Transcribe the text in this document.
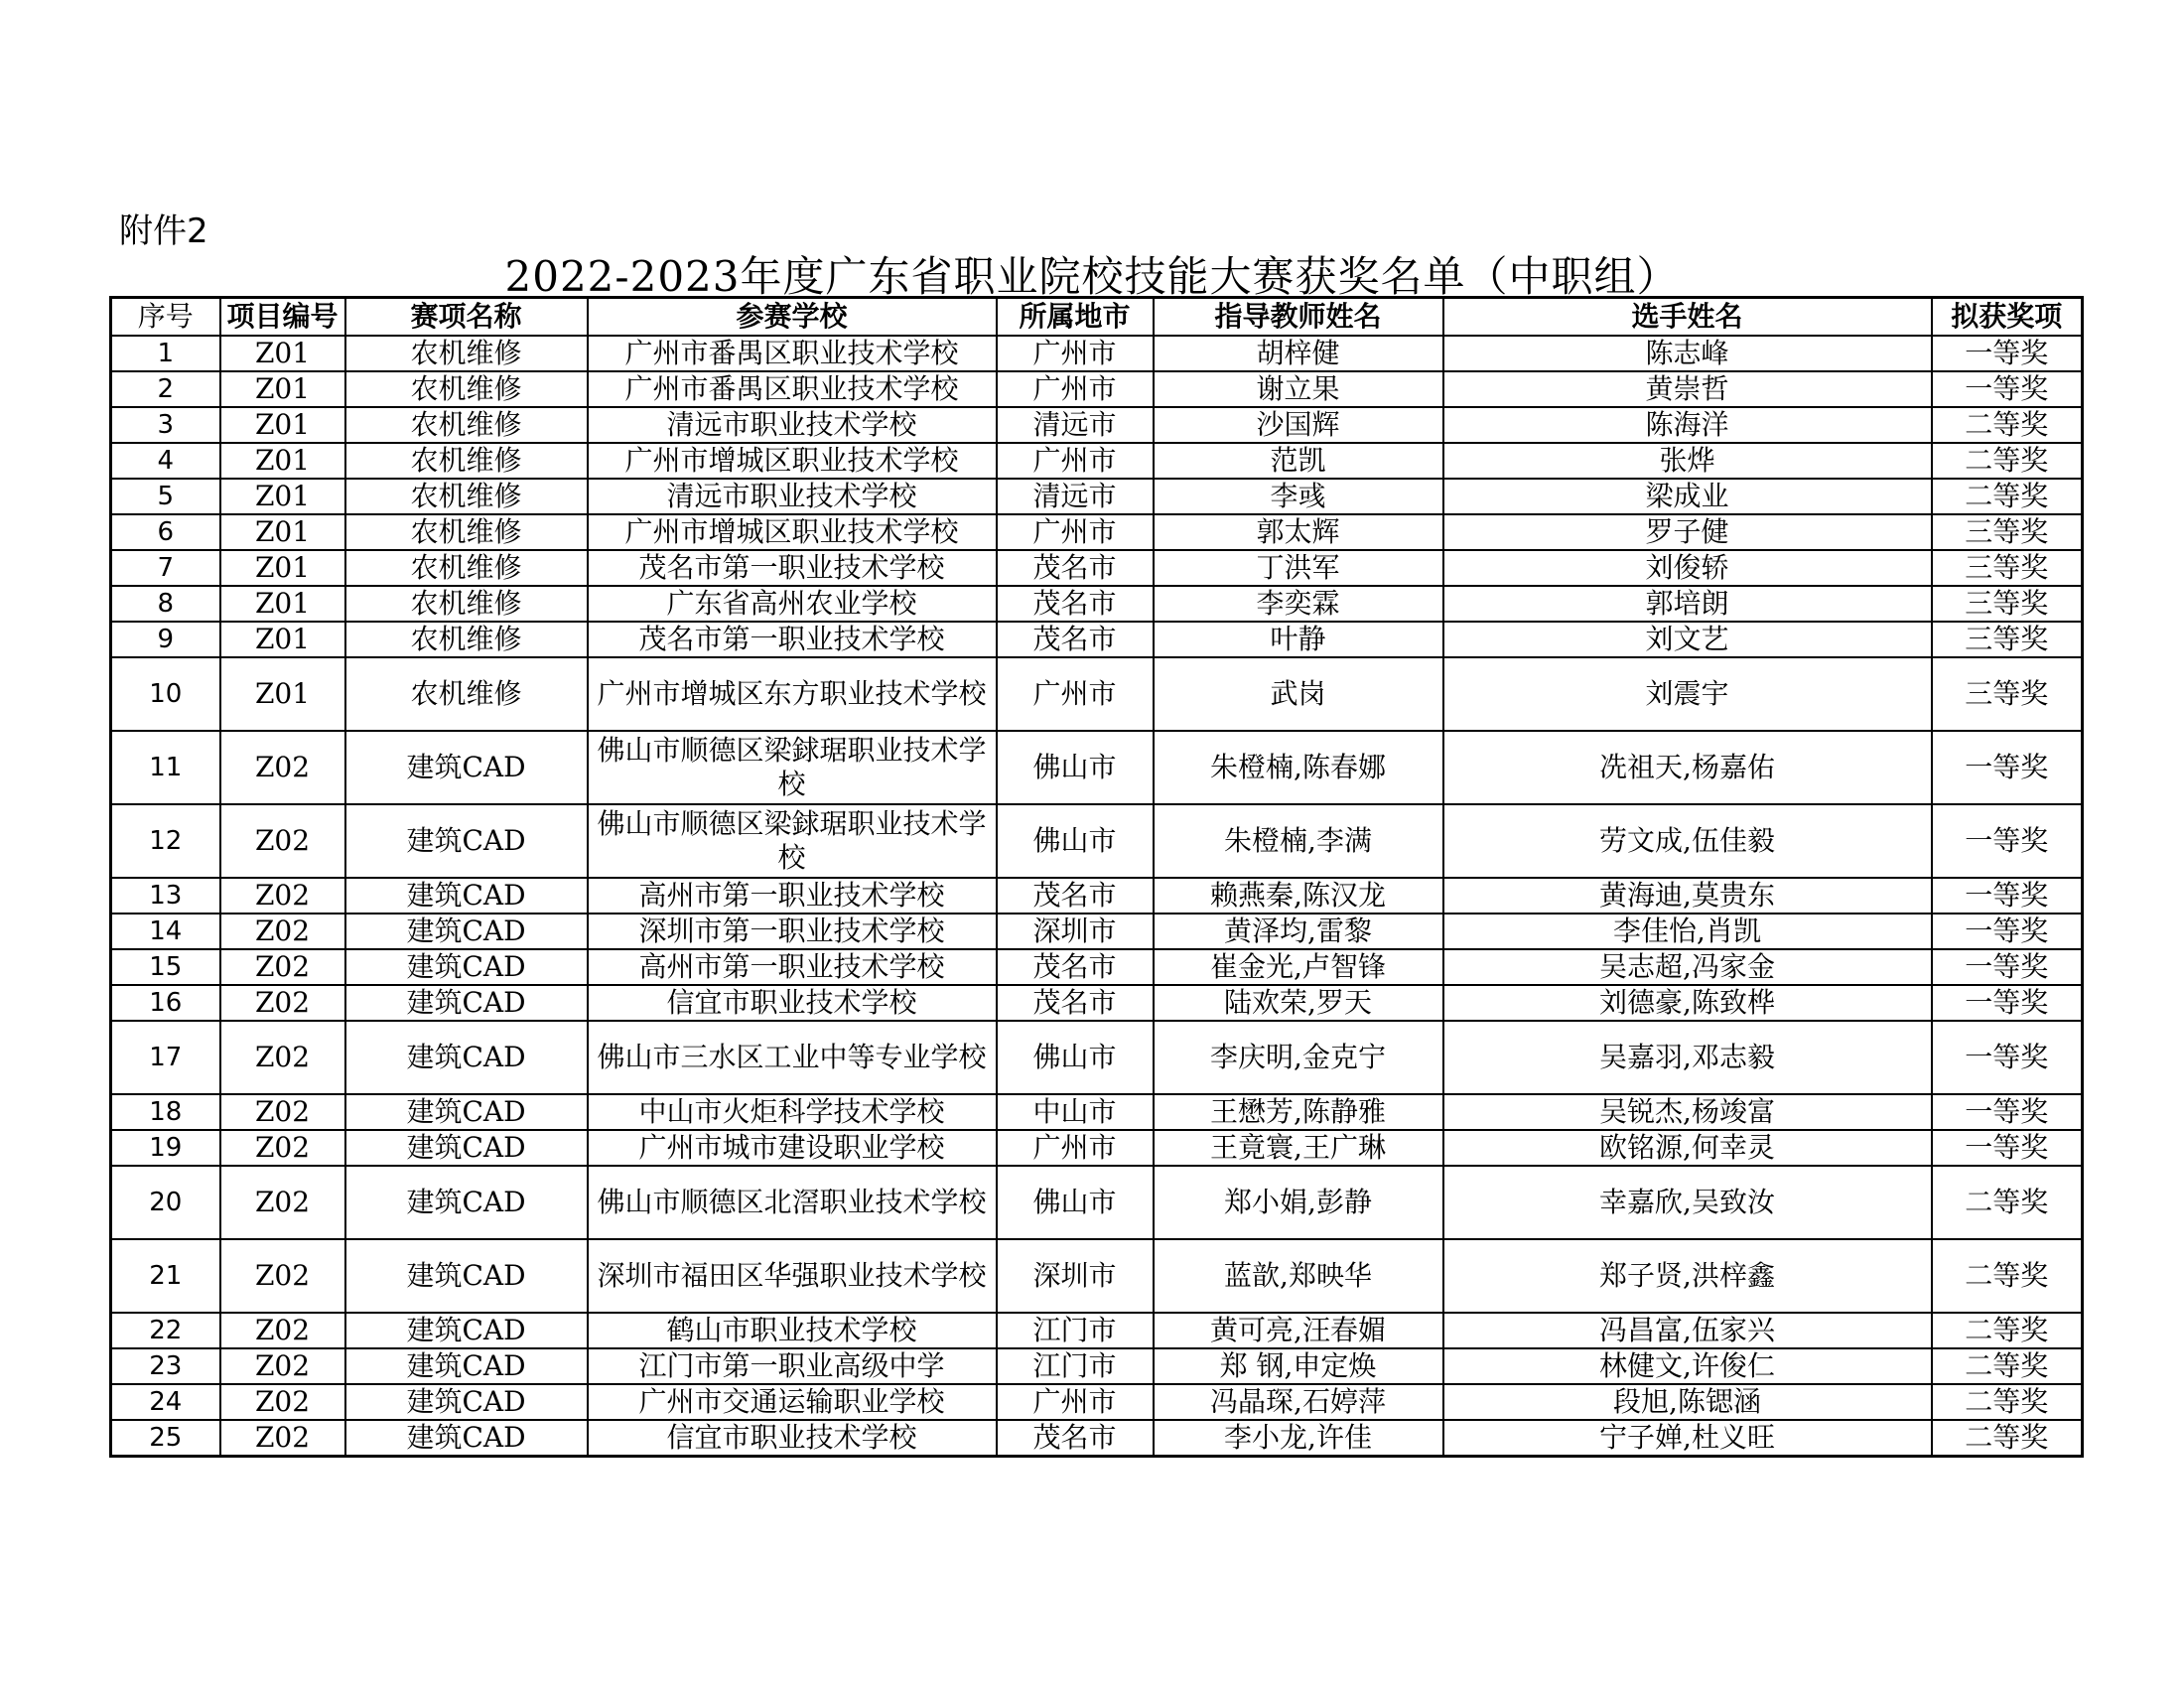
附件2
2022-2023年度广东省职业院校技能大赛获奖名单（中职组）
序号	项目编号	赛项名称	参赛学校	所属地市	指导教师姓名	选手姓名	拟获奖项
1	Z01	农机维修	广州市番禺区职业技术学校	广州市	胡梓健	陈志峰	一等奖
2	Z01	农机维修	广州市番禺区职业技术学校	广州市	谢立果	黄崇哲	一等奖
3	Z01	农机维修	清远市职业技术学校	清远市	沙国辉	陈海洋	二等奖
4	Z01	农机维修	广州市增城区职业技术学校	广州市	范凯	张烨	二等奖
5	Z01	农机维修	清远市职业技术学校	清远市	李彧	梁成业	二等奖
6	Z01	农机维修	广州市增城区职业技术学校	广州市	郭太辉	罗子健	三等奖
7	Z01	农机维修	茂名市第一职业技术学校	茂名市	丁洪军	刘俊轿	三等奖
8	Z01	农机维修	广东省高州农业学校	茂名市	李奕霖	郭培朗	三等奖
9	Z01	农机维修	茂名市第一职业技术学校	茂名市	叶静	刘文艺	三等奖
10	Z01	农机维修	广州市增城区东方职业技术学校	广州市	武岗	刘震宇	三等奖
11	Z02	建筑CAD	佛山市顺德区梁銶琚职业技术学校	佛山市	朱橙楠,陈春娜	冼祖天,杨嘉佑	一等奖
12	Z02	建筑CAD	佛山市顺德区梁銶琚职业技术学校	佛山市	朱橙楠,李满	劳文成,伍佳毅	一等奖
13	Z02	建筑CAD	高州市第一职业技术学校	茂名市	赖燕秦,陈汉龙	黄海迪,莫贵东	一等奖
14	Z02	建筑CAD	深圳市第一职业技术学校	深圳市	黄泽均,雷黎	李佳怡,肖凯	一等奖
15	Z02	建筑CAD	高州市第一职业技术学校	茂名市	崔金光,卢智锋	吴志超,冯家金	一等奖
16	Z02	建筑CAD	信宜市职业技术学校	茂名市	陆欢荣,罗天	刘德豪,陈致桦	一等奖
17	Z02	建筑CAD	佛山市三水区工业中等专业学校	佛山市	李庆明,金克宁	吴嘉羽,邓志毅	一等奖
18	Z02	建筑CAD	中山市火炬科学技术学校	中山市	王懋芳,陈静雅	吴锐杰,杨竣富	一等奖
19	Z02	建筑CAD	广州市城市建设职业学校	广州市	王竟寰,王广琳	欧铭源,何幸灵	一等奖
20	Z02	建筑CAD	佛山市顺德区北滘职业技术学校	佛山市	郑小娟,彭静	幸嘉欣,吴致汝	二等奖
21	Z02	建筑CAD	深圳市福田区华强职业技术学校	深圳市	蓝歆,郑映华	郑子贤,洪梓鑫	二等奖
22	Z02	建筑CAD	鹤山市职业技术学校	江门市	黄可亮,汪春媚	冯昌富,伍家兴	二等奖
23	Z02	建筑CAD	江门市第一职业高级中学	江门市	郑 钢,申定焕	林健文,许俊仁	二等奖
24	Z02	建筑CAD	广州市交通运输职业学校	广州市	冯晶琛,石婷萍	段旭,陈锶涵	二等奖
25	Z02	建筑CAD	信宜市职业技术学校	茂名市	李小龙,许佳	宁子婵,杜义旺	二等奖
